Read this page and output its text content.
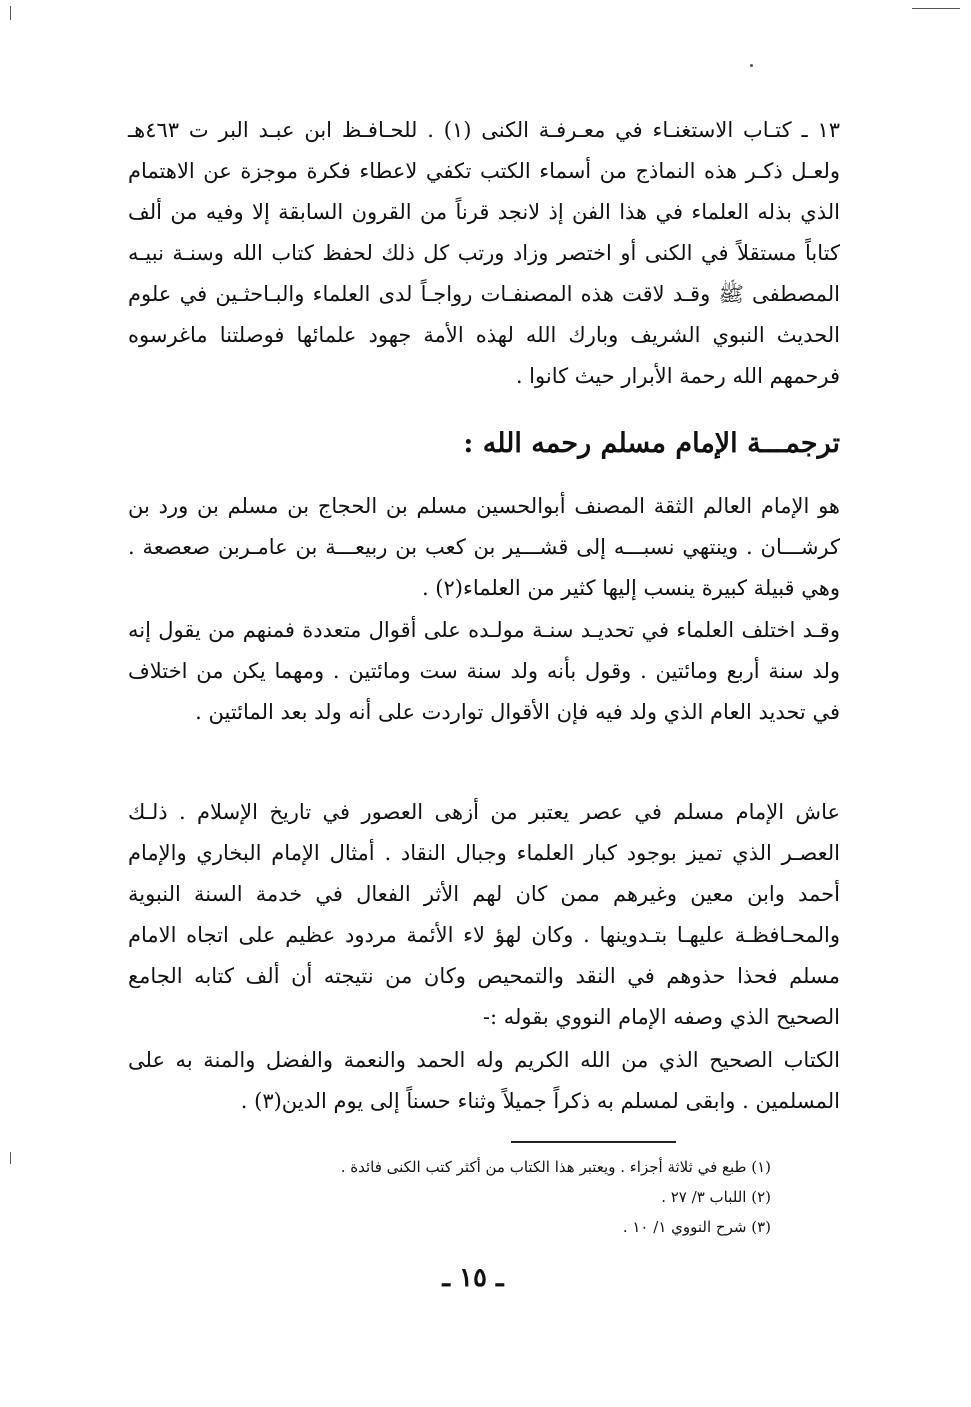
١٣ ـ كتـاب الاستغنـاء في معـرفـة الكنى (١) . للحـافـظ ابن عبـد البر ت ٤٦٣هـ ولعـل ذكـر هذه النماذج من أسماء الكتب تكفي لاعطاء فكرة موجزة عن الاهتمام الذي بذله العلماء في هذا الفن إذ لانجد قرناً من القرون السابقة إلا وفيه من ألف كتاباً مستقلاً في الكنى أو اختصر وزاد ورتب كل ذلك لحفظ كتاب الله وسنـة نبيـه المصطفى ﷺ وقـد لاقت هذه المصنفـات رواجـاً لدى العلماء والبـاحثـين في علوم الحديث النبوي الشريف وبارك الله لهذه الأمة جهود علمائها فوصلتنا ماغرسوه فرحمهم الله رحمة الأبرار حيث كانوا .
ترجمـــة الإمام مسلم رحمه الله :
هو الإمام العالم الثقة المصنف أبوالحسين مسلم بن الحجاج بن مسلم بن ورد بن كرشـــان . وينتهي نسبـــه إلى قشـــير بن كعب بن ربيعـــة بن عامـربن صعصعة . وهي قبيلة كبيرة ينسب إليها كثير من العلماء(٢) .
وقـد اختلف العلماء في تحديـد سنـة مولـده على أقوال متعددة فمنهم من يقول إنه ولد سنة أربع ومائتين . وقول بأنه ولد سنة ست ومائتين . ومهما يكن من اختلاف في تحديد العام الذي ولد فيه فإن الأقوال تواردت على أنه ولد بعد المائتين .
عاش الإمام مسلم في عصر يعتبر من أزهى العصور في تاريخ الإسلام . ذلـك العصـر الذي تميز بوجود كبار العلماء وجبال النقاد . أمثال الإمام البخاري والإمام أحمد وابن معين وغيرهم ممن كان لهم الأثر الفعال في خدمة السنة النبوية والمحـافظـة عليهـا بتـدوينها . وكان لهؤ لاء الأئمة مردود عظيم على اتجاه الامام مسلم فحذا حذوهم في النقد والتمحيص وكان من نتيجته أن ألف كتابه الجامع الصحيح الذي وصفه الإمام النووي بقوله :-
الكتاب الصحيح الذي من الله الكريم وله الحمد والنعمة والفضل والمنة به على المسلمين . وابقى لمسلم به ذكراً جميلاً وثناء حسناً إلى يوم الدين(٣) .
(١) طبع في ثلاثة أجزاء . ويعتبر هذا الكتاب من أكثر كتب الكنى فائدة .
(٢) اللباب ٣/ ٢٧ .
(٣) شرح النووي ١/ ١٠ .
ـ ١٥ ـ
